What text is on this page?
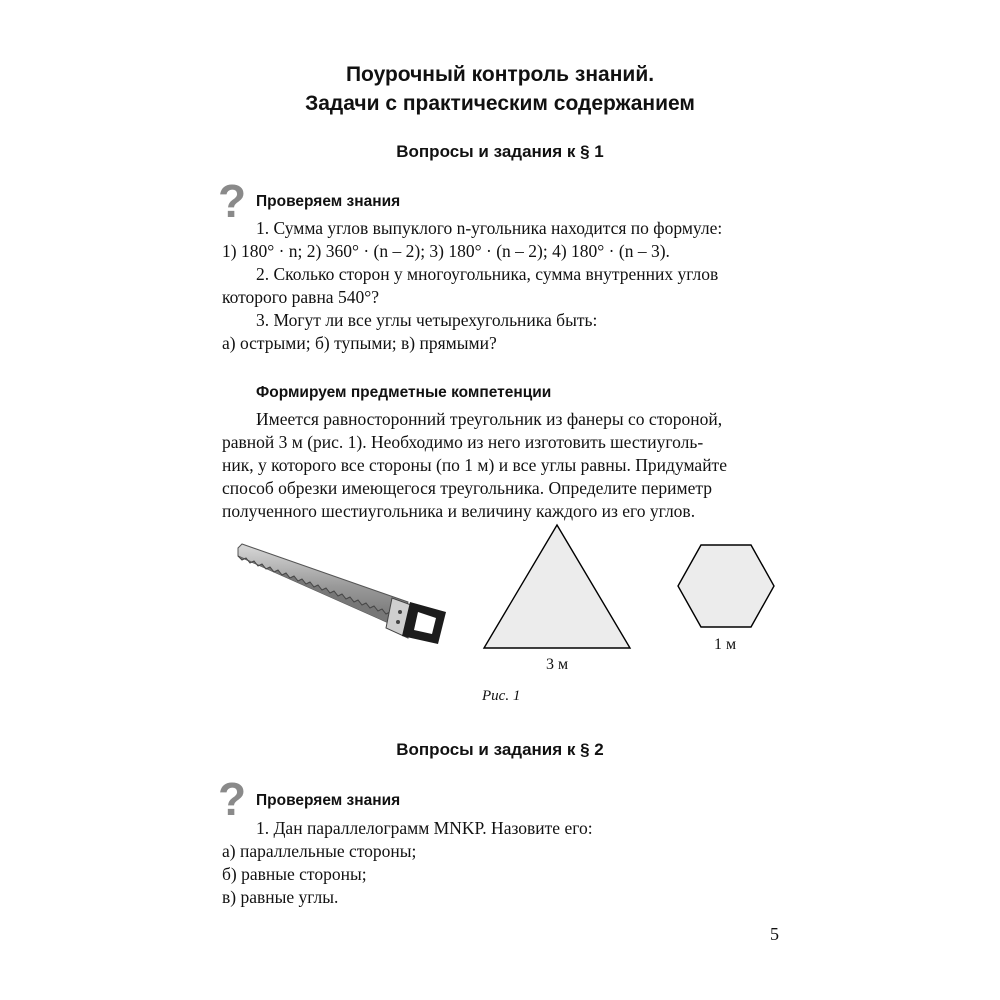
Поурочный контроль знаний.
Задачи с практическим содержанием
Вопросы и задания к § 1
? Проверяем знания
1. Сумма углов выпуклого n-угольника находится по формуле:
1) 180° · n; 2) 360° · (n – 2); 3) 180° · (n – 2); 4) 180° · (n – 3).
2. Сколько сторон у многоугольника, сумма внутренних углов
которого равна 540°?
3. Могут ли все углы четырехугольника быть:
а) острыми; б) тупыми; в) прямыми?
Формируем предметные компетенции
Имеется равносторонний треугольник из фанеры со стороной,
равной 3 м (рис. 1). Необходимо из него изготовить шестиуголь-
ник, у которого все стороны (по 1 м) и все углы равны. Придумайте
способ обрезки имеющегося треугольника. Определите периметр
полученного шестиугольника и величину каждого из его углов.
3 м
1 м
Рис. 1
Вопросы и задания к § 2
? Проверяем знания
1. Дан параллелограмм MNKP. Назовите его:
а) параллельные стороны;
б) равные стороны;
в) равные углы.
5
